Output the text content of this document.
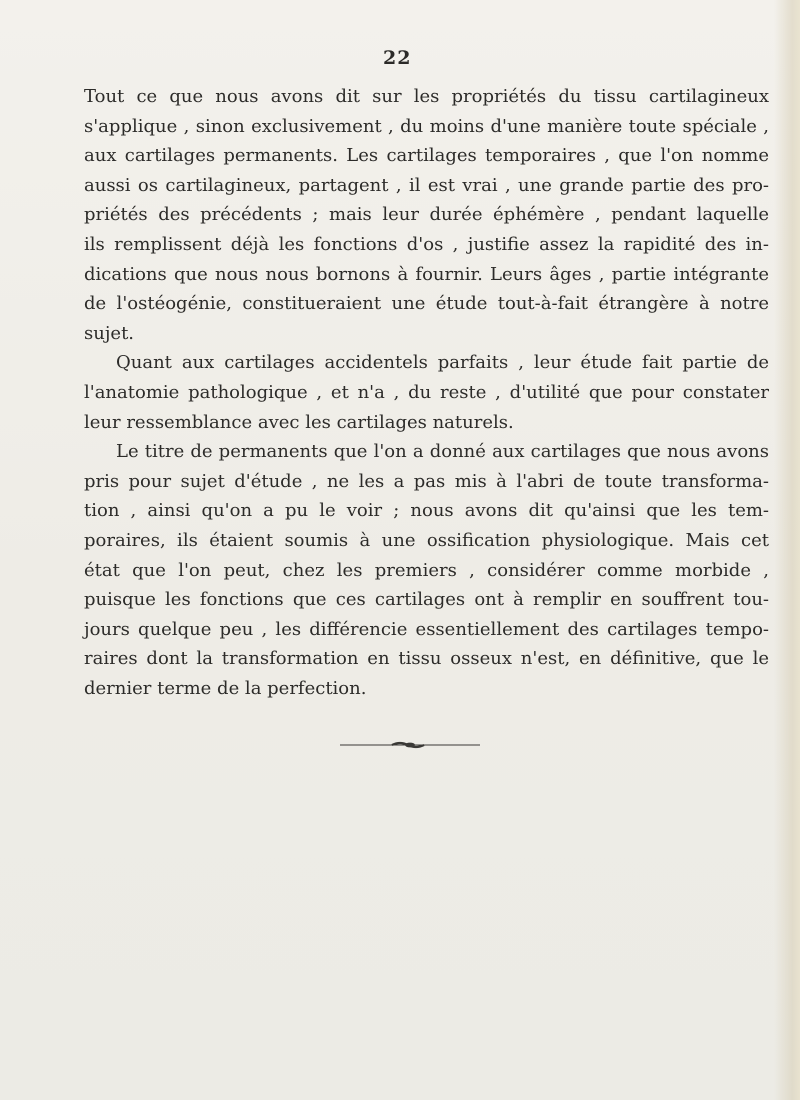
22
Tout ce que nous avons dit sur les propriétés du tissu cartilagineux
s'applique , sinon exclusivement , du moins d'une manière toute spéciale ,
aux cartilages permanents. Les cartilages temporaires , que l'on nomme
aussi os cartilagineux, partagent , il est vrai , une grande partie des pro-
priétés des précédents ; mais leur durée éphémère , pendant laquelle
ils remplissent déjà les fonctions d'os , justifie assez la rapidité des in-
dications que nous nous bornons à fournir. Leurs âges , partie intégrante
de l'ostéogénie, constitueraient une étude tout-à-fait étrangère à notre
sujet.
Quant aux cartilages accidentels parfaits , leur étude fait partie de
l'anatomie pathologique , et n'a , du reste , d'utilité que pour constater
leur ressemblance avec les cartilages naturels.
Le titre de permanents que l'on a donné aux cartilages que nous avons
pris pour sujet d'étude , ne les a pas mis à l'abri de toute transforma-
tion , ainsi qu'on a pu le voir ; nous avons dit qu'ainsi que les tem-
poraires, ils étaient soumis à une ossification physiologique. Mais cet
état que l'on peut, chez les premiers , considérer comme morbide ,
puisque les fonctions que ces cartilages ont à remplir en souffrent tou-
jours quelque peu , les différencie essentiellement des cartilages tempo-
raires dont la transformation en tissu osseux n'est, en définitive, que le
dernier terme de la perfection.
